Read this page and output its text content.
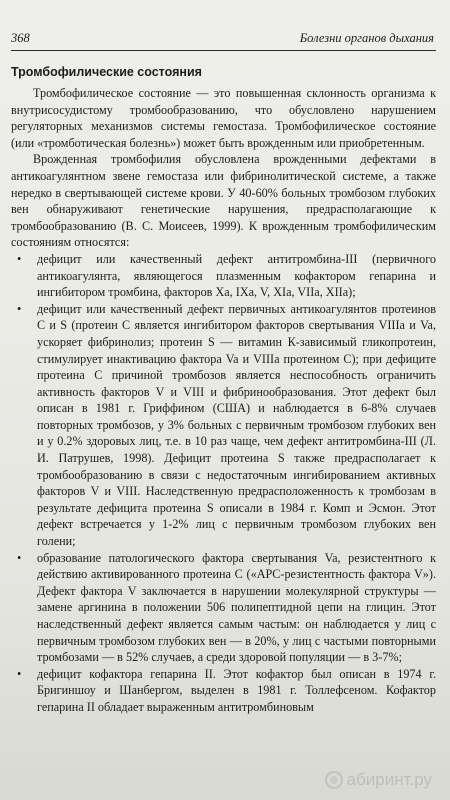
368	Болезни органов дыхания
Тромбофилические состояния

Тромбофилическое состояние — это повышенная склонность организма к внутрисосудистому тромбообразованию, что обусловлено нарушением регуляторных механизмов системы гемостаза. Тромбофилическое состояние (или «тромботическая болезнь») может быть врожденным или приобретенным.

Врожденная тромбофилия обусловлена врожденными дефектами в антикоагулянтном звене гемостаза или фибринолитической системе, а также нередко в свертывающей системе крови. У 40-60% больных тромбозом глубоких вен обнаруживают генетические нарушения, предрасполагающие к тромбообразованию (В. С. Моисеев, 1999). К врожденным тромбофилическим состояниям относятся:

• дефицит или качественный дефект антитромбина-III (первичного антикоагулянта, являющегося плазменным кофактором гепарина и ингибитором тромбина, факторов Xa, IXa, V, XIa, VIIa, XIIa);
• дефицит или качественный дефект первичных антикоагулянтов протеинов C и S (протеин C является ингибитором факторов свертывания VIIIa и Va, ускоряет фибринолиз; протеин S — витамин К-зависимый гликопротеин, стимулирует инактивацию фактора Va и VIIIa протеином C); при дефиците протеина C причиной тромбозов является неспособность ограничить активность факторов V и VIII и фибринообразования. Этот дефект был описан в 1981 г. Гриффином (США) и наблюдается в 6-8% случаев повторных тромбозов, у 3% больных с первичным тромбозом глубоких вен и у 0.2% здоровых лиц, т.е. в 10 раз чаще, чем дефект антитромбина-III (Л. И. Патрушев, 1998). Дефицит протеина S также предрасполагает к тромбообразованию в связи с недостаточным ингибированием активных факторов V и VIII. Наследственную предрасположенность к тромбозам в результате дефицита протеина S описали в 1984 г. Комп и Эсмон. Этот дефект встречается у 1-2% лиц с первичным тромбозом глубоких вен голени;
• образование патологического фактора свертывания Va, резистентного к действию активированного протеина C («APC-резистентность фактора V»). Дефект фактора V заключается в нарушении молекулярной структуры — замене аргинина в положении 506 полипептидной цепи на глицин. Этот наследственный дефект является самым частым: он наблюдается у лиц с первичным тромбозом глубоких вен — в 20%, у лиц с частыми повторными тромбозами — в 52% случаев, а среди здоровой популяции — в 3-7%;
• дефицит кофактора гепарина II. Этот кофактор был описан в 1974 г. Бригиншоу и Шанбергом, выделен в 1981 г. Толлефсеном. Кофактор гепарина II обладает выраженным антитромбиновым
абиринт.ру
